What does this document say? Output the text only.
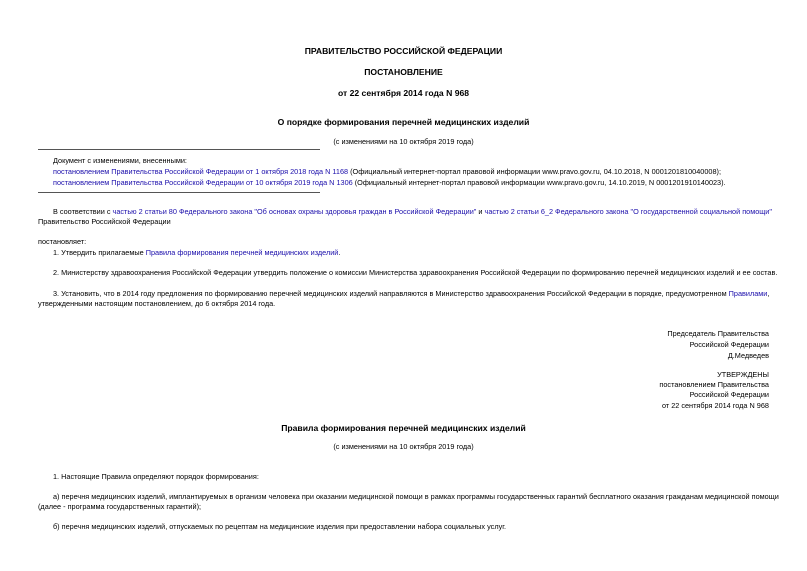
ПРАВИТЕЛЬСТВО РОССИЙСКОЙ ФЕДЕРАЦИИ
ПОСТАНОВЛЕНИЕ
от 22 сентября 2014 года N 968
О порядке формирования перечней медицинских изделий
(с изменениями на 10 октября 2019 года)
Документ с изменениями, внесенными:
постановлением Правительства Российской Федерации от 1 октября 2018 года N 1168 (Официальный интернет-портал правовой информации www.pravo.gov.ru, 04.10.2018, N 0001201810040008);
постановлением Правительства Российской Федерации от 10 октября 2019 года N 1306 (Официальный интернет-портал правовой информации www.pravo.gov.ru, 14.10.2019, N 0001201910140023).
В соответствии с частью 2 статьи 80 Федерального закона "Об основах охраны здоровья граждан в Российской Федерации" и частью 2 статьи 6_2 Федерального закона "О государственной социальной помощи"
Правительство Российской Федерации
постановляет:
1. Утвердить прилагаемые Правила формирования перечней медицинских изделий.
2. Министерству здравоохранения Российской Федерации утвердить положение о комиссии Министерства здравоохранения Российской Федерации по формированию перечней медицинских изделий и ее состав.
3. Установить, что в 2014 году предложения по формированию перечней медицинских изделий направляются в Министерство здравоохранения Российской Федерации в порядке, предусмотренном Правилами,
утвержденными настоящим постановлением, до 6 октября 2014 года.
Председатель Правительства
Российской Федерации
Д.Медведев
УТВЕРЖДЕНЫ
постановлением Правительства
Российской Федерации
от 22 сентября 2014 года N 968
Правила формирования перечней медицинских изделий
(с изменениями на 10 октября 2019 года)
1. Настоящие Правила определяют порядок формирования:
а) перечня медицинских изделий, имплантируемых в организм человека при оказании медицинской помощи в рамках программы государственных гарантий бесплатного оказания гражданам медицинской помощи
(далее - программа государственных гарантий);
б) перечня медицинских изделий, отпускаемых по рецептам на медицинские изделия при предоставлении набора социальных услуг.
